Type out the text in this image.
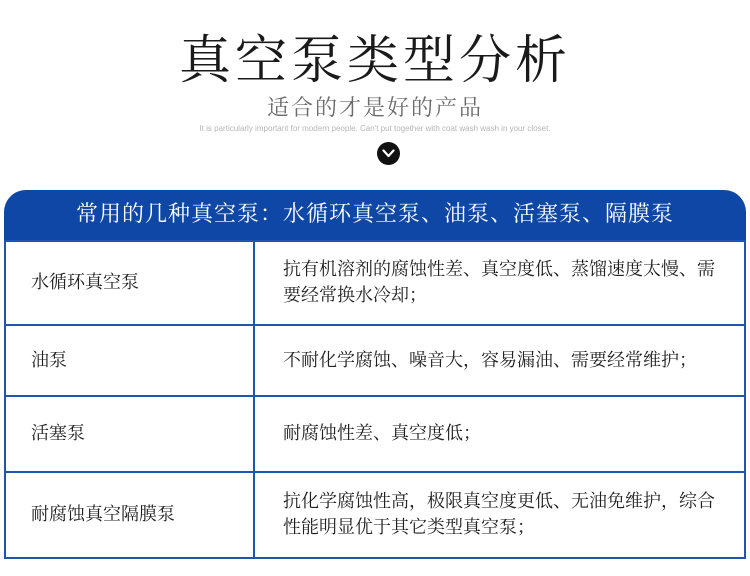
真空泵类型分析
适合的才是好的产品
It is particularly important for modern people. Can't put together with coat wash wash in your closet.
常用的几种真空泵：水循环真空泵、油泵、活塞泵、隔膜泵
水循环真空泵	抗有机溶剂的腐蚀性差、真空度低、蒸馏速度太慢、需要经常换水冷却；
油泵	不耐化学腐蚀、噪音大，容易漏油、需要经常维护；
活塞泵	耐腐蚀性差、真空度低；
耐腐蚀真空隔膜泵	抗化学腐蚀性高，极限真空度更低、无油免维护，综合性能明显优于其它类型真空泵；
